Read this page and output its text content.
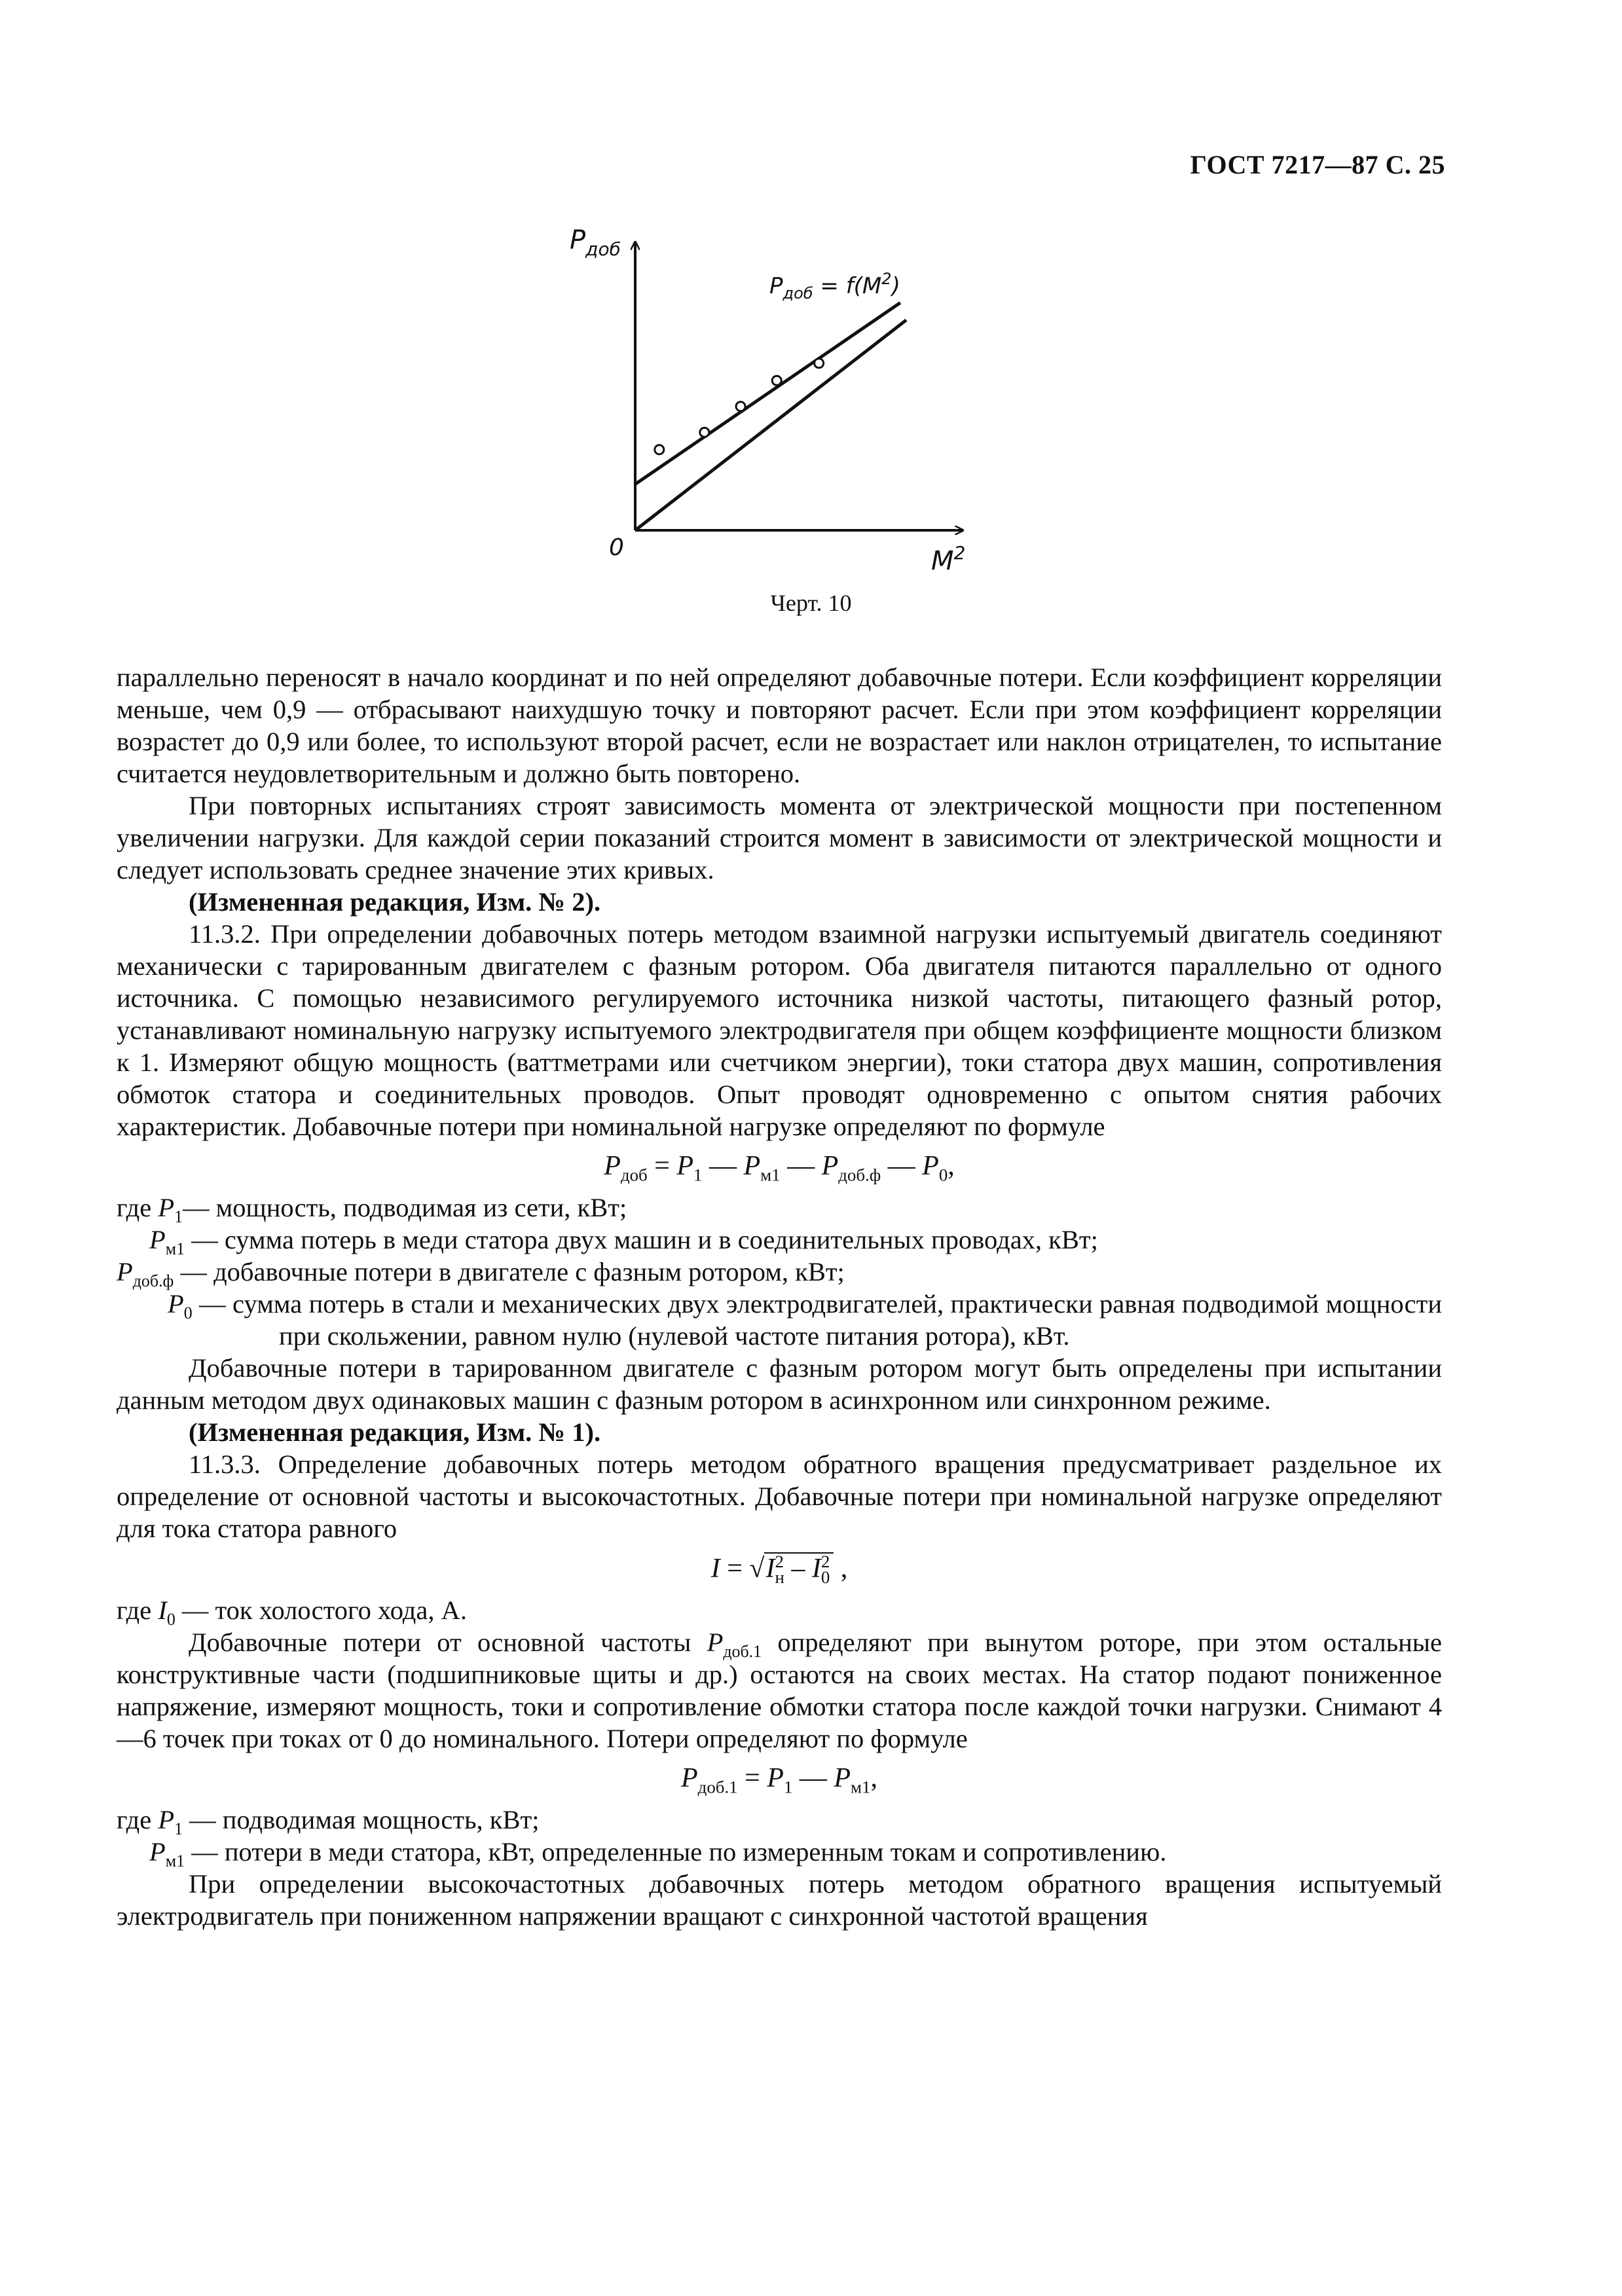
ГОСТ 7217—87 С. 25
$P_{доб}$
0	$M^2$
$P_{доб} = f(M^2)$
Черт. 10

параллельно переносят в начало координат и по ней определяют добавочные потери. Если коэффициент корреляции меньше, чем 0,9 — отбрасывают наихудшую точку и повторяют расчет. Если при этом коэффициент корреляции возрастет до 0,9 или более, то используют второй расчет, если не возрастает или наклон отрицателен, то испытание считается неудовлетворительным и должно быть повторено.

При повторных испытаниях строят зависимость момента от электрической мощности при постепенном увеличении нагрузки. Для каждой серии показаний строится момент в зависимости от электрической мощности и следует использовать среднее значение этих кривых.

(Измененная редакция, Изм. № 2).

11.3.2. При определении добавочных потерь методом взаимной нагрузки испытуемый двигатель соединяют механически с тарированным двигателем с фазным ротором. Оба двигателя питаются параллельно от одного источника. С помощью независимого регулируемого источника низкой частоты, питающего фазный ротор, устанавливают номинальную нагрузку испытуемого электродвигателя при общем коэффициенте мощности близком к 1. Измеряют общую мощность (ваттметрами или счетчиком энергии), токи статора двух машин, сопротивления обмоток статора и соединительных проводов. Опыт проводят одновременно с опытом снятия рабочих характеристик. Добавочные потери при номинальной нагрузке определяют по формуле

$P_{доб} = P_1$ — $P_{м1}$ — $P_{доб.ф}$ — $P_0$,

где $P_1—$ мощность, подводимая из сети, кВт;

$P_{м1}$ — сумма потерь в меди статора двух машин и в соединительных проводах, кВт;

$P_{доб.ф}$ — добавочные потери в двигателе с фазным ротором, кВт;

$P_0$ — сумма потерь в стали и механических двух электродвигателей, практически равная подводимой мощности при скольжении, равном нулю (нулевой частоте питания ротора), кВт.

Добавочные потери в тарированном двигателе с фазным ротором могут быть определены при испытании данным методом двух одинаковых машин с фазным ротором в асинхронном или синхронном режиме.

(Измененная редакция, Изм. № 1).

11.3.3. Определение добавочных потерь методом обратного вращения предусматривает раздельное их определение от основной частоты и высокочастотных. Добавочные потери при номинальной нагрузке определяют для тока статора равного

$I = √I^2_н - I^2_0$ ,

где $I_0$ — ток холостого хода, А.

Добавочные потери от основной частоты $P_{доб.1}$ определяют при вынутом роторе, при этом остальные конструктивные части (подшипниковые щиты и др.) остаются на своих местах. На статор подают пониженное напряжение, измеряют мощность, токи и сопротивление обмотки статора после каждой точки нагрузки. Снимают 4—6 точек при токах от 0 до номинального. Потери определяют по формуле

$P_{доб.1} = P_1$ — $P_{м1}$,

где $P_1$ — подводимая мощность, кВт;

$P_{м1}$ — потери в меди статора, кВт, определенные по измеренным токам и сопротивлению.

При определении высокочастотных добавочных потерь методом обратного вращения испытуемый электродвигатель при пониженном напряжении вращают с синхронной частотой вращения
